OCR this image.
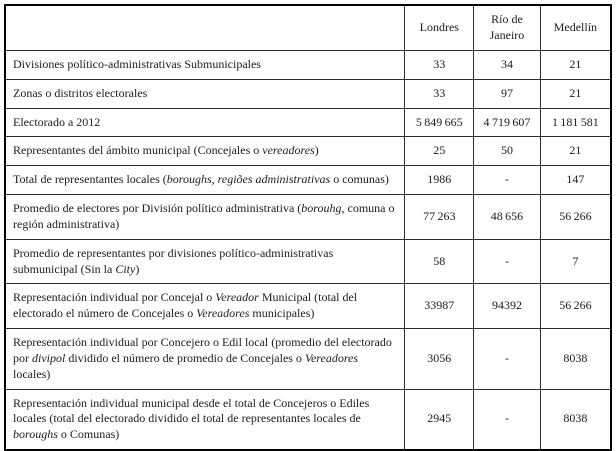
	Londres	Río de Janeiro	Medellín
Divisiones político-administrativas Submunicipales	33	34	21
Zonas o distritos electorales	33	97	21
Electorado a 2012	5 849 665	4 719 607	1 181 581
Representantes del ámbito municipal (Concejales o vereadores)	25	50	21
Total de representantes locales (boroughs, regiões administrativas o comunas)	1986	-	147
Promedio de electores por División político administrativa (borouhg, comuna o región administrativa)	77 263	48 656	56 266
Promedio de representantes por divisiones político-administrativas submunicipal (Sin la City)	58	-	7
Representación individual por Concejal o Vereador Municipal (total del electorado el número de Concejales o Vereadores municipales)	33987	94392	56 266
Representación individual por Concejero o Edil local (promedio del electorado por divipol dividido el número de promedio de Concejales o Vereadores locales)	3056	-	8038
Representación individual municipal desde el total de Concejeros o Ediles locales (total del electorado dividido el total de representantes locales de boroughs o Comunas)	2945	-	8038
